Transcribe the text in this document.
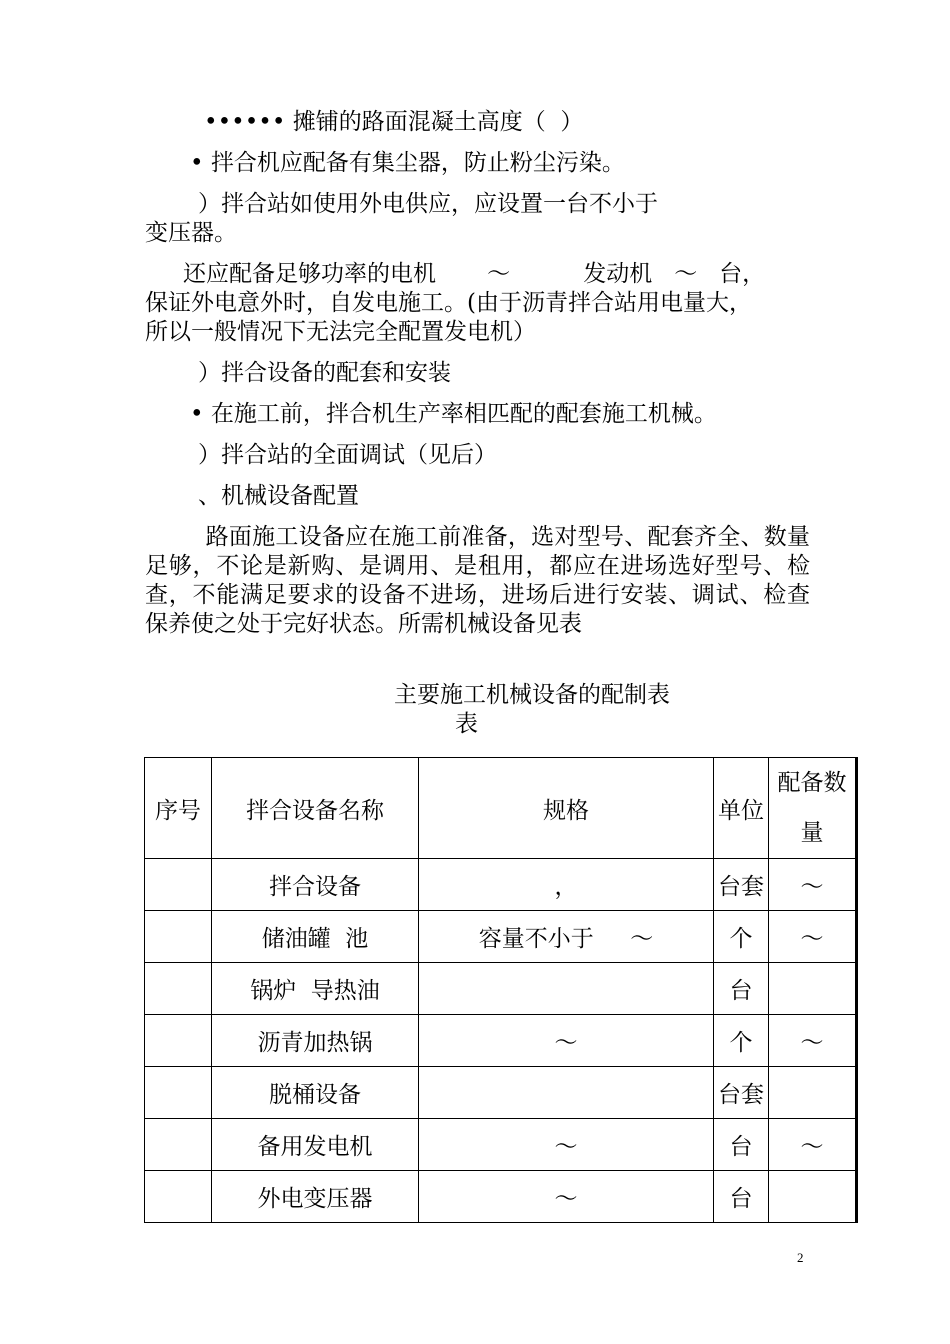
•••••• 摊铺的路面混凝土高度（  ）
• 拌合机应配备有集尘器，防止粉尘污染。
）拌合站如使用外电供应，应设置一台不小于
变压器。
还应配备足够功率的电机       ～          发动机   ～   台，
保证外电意外时，自发电施工。(由于沥青拌合站用电量大，
所以一般情况下无法完全配置发电机）
）拌合设备的配套和安装
• 在施工前，拌合机生产率相匹配的配套施工机械。
）拌合站的全面调试（见后）
、机械设备配置
路面施工设备应在施工前准备，选对型号、配套齐全、数量足够，不论是新购、是调用、是租用，都应在进场选好型号、检查，不能满足要求的设备不进场，进场后进行安装、调试、检查保养使之处于完好状态。所需机械设备见表
主要施工机械设备的配制表
表
序号	拌合设备名称	规格	单位	配备数量
	拌合设备	，	台套	～
	储油罐  池	容量不小于     ～	个	～
	锅炉  导热油		台	
	沥青加热锅	～	个	～
	脱桶设备		台套	
	备用发电机	～	台	～
	外电变压器	～	台	
2
